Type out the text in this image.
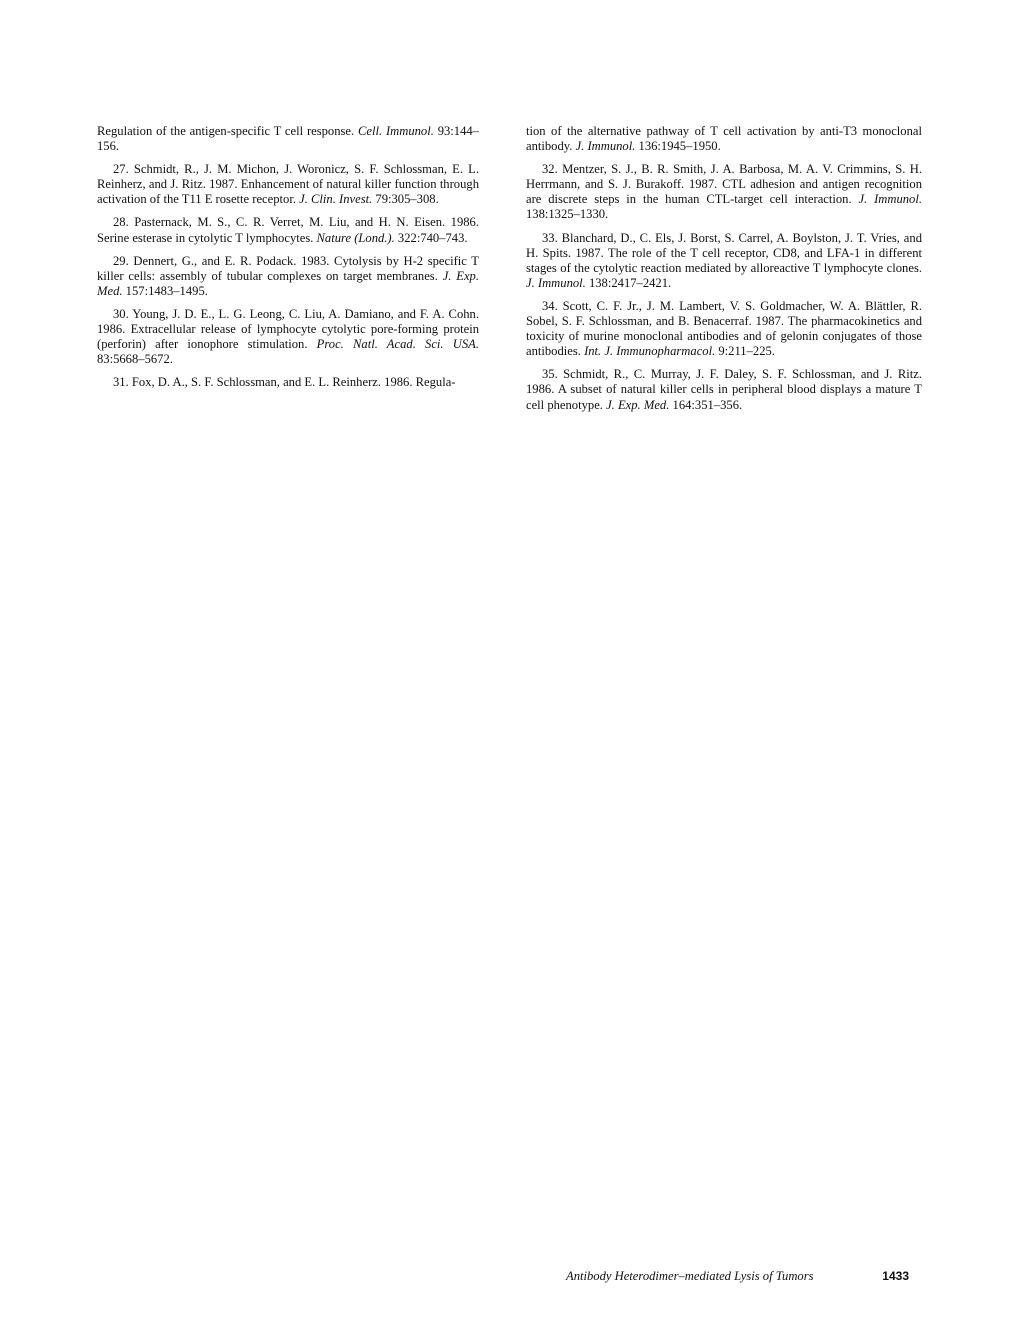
Regulation of the antigen-specific T cell response. Cell. Immunol. 93:144–156.

27. Schmidt, R., J. M. Michon, J. Woronicz, S. F. Schlossman, E. L. Reinherz, and J. Ritz. 1987. Enhancement of natural killer function through activation of the T11 E rosette receptor. J. Clin. Invest. 79:305–308.

28. Pasternack, M. S., C. R. Verret, M. Liu, and H. N. Eisen. 1986. Serine esterase in cytolytic T lymphocytes. Nature (Lond.). 322:740–743.

29. Dennert, G., and E. R. Podack. 1983. Cytolysis by H-2 specific T killer cells: assembly of tubular complexes on target membranes. J. Exp. Med. 157:1483–1495.

30. Young, J. D. E., L. G. Leong, C. Liu, A. Damiano, and F. A. Cohn. 1986. Extracellular release of lymphocyte cytolytic pore-forming protein (perforin) after ionophore stimulation. Proc. Natl. Acad. Sci. USA. 83:5668–5672.

31. Fox, D. A., S. F. Schlossman, and E. L. Reinherz. 1986. Regula-

tion of the alternative pathway of T cell activation by anti-T3 monoclonal antibody. J. Immunol. 136:1945–1950.

32. Mentzer, S. J., B. R. Smith, J. A. Barbosa, M. A. V. Crimmins, S. H. Herrmann, and S. J. Burakoff. 1987. CTL adhesion and antigen recognition are discrete steps in the human CTL-target cell interaction. J. Immunol. 138:1325–1330.

33. Blanchard, D., C. Els, J. Borst, S. Carrel, A. Boylston, J. T. Vries, and H. Spits. 1987. The role of the T cell receptor, CD8, and LFA-1 in different stages of the cytolytic reaction mediated by alloreactive T lymphocyte clones. J. Immunol. 138:2417–2421.

34. Scott, C. F. Jr., J. M. Lambert, V. S. Goldmacher, W. A. Blättler, R. Sobel, S. F. Schlossman, and B. Benacerraf. 1987. The pharmacokinetics and toxicity of murine monoclonal antibodies and of gelonin conjugates of those antibodies. Int. J. Immunopharmacol. 9:211–225.

35. Schmidt, R., C. Murray, J. F. Daley, S. F. Schlossman, and J. Ritz. 1986. A subset of natural killer cells in peripheral blood displays a mature T cell phenotype. J. Exp. Med. 164:351–356.

Antibody Heterodimer–mediated Lysis of Tumors	1433
